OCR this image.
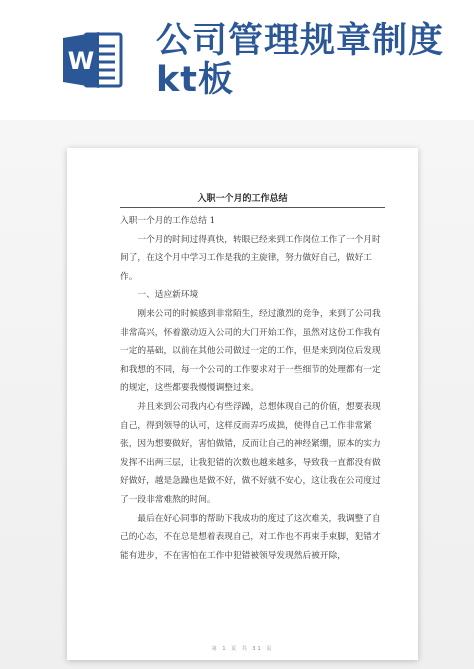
W 公司管理规章制度
kt板
入职一个月的工作总结

入职一个月的工作总结 1

一个月的时间过得真快，转眼已经来到工作岗位工作了一个月时间了，在这个月中学习工作是我的主旋律，努力做好自己，做好工作。

一、适应新环境

刚来公司的时候感到非常陌生，经过激烈的竞争，来到了公司我非常高兴，怀着激动迈入公司的大门开始工作，虽然对这份工作我有一定的基础，以前在其他公司做过一定的工作，但是来到岗位后发现和我想的不同，每一个公司的工作要求对于一些细节的处理都有一定的规定，这些都要我慢慢调整过来。

并且来到公司我内心有些浮躁，总想体现自己的价值，想要表现自己，得到领导的认可，这样反而弄巧成拙，使得自己工作非常紧张，因为想要做好，害怕做错，反而让自己的神经紧绷，原本的实力发挥不出两三层，让我犯错的次数也越来越多，导致我一直都没有做好做好，越是急躁也是做不好，做不好就不安心，这让我在公司度过了一段非常难熬的时间。

最后在好心同事的帮助下我成功的度过了这次难关，我调整了自己的心态，不在总是想着表现自己，对工作也不再束手束脚，犯错才能有进步，不在害怕在工作中犯错被领导发现然后被开除，

第 1 页 共 31 页
